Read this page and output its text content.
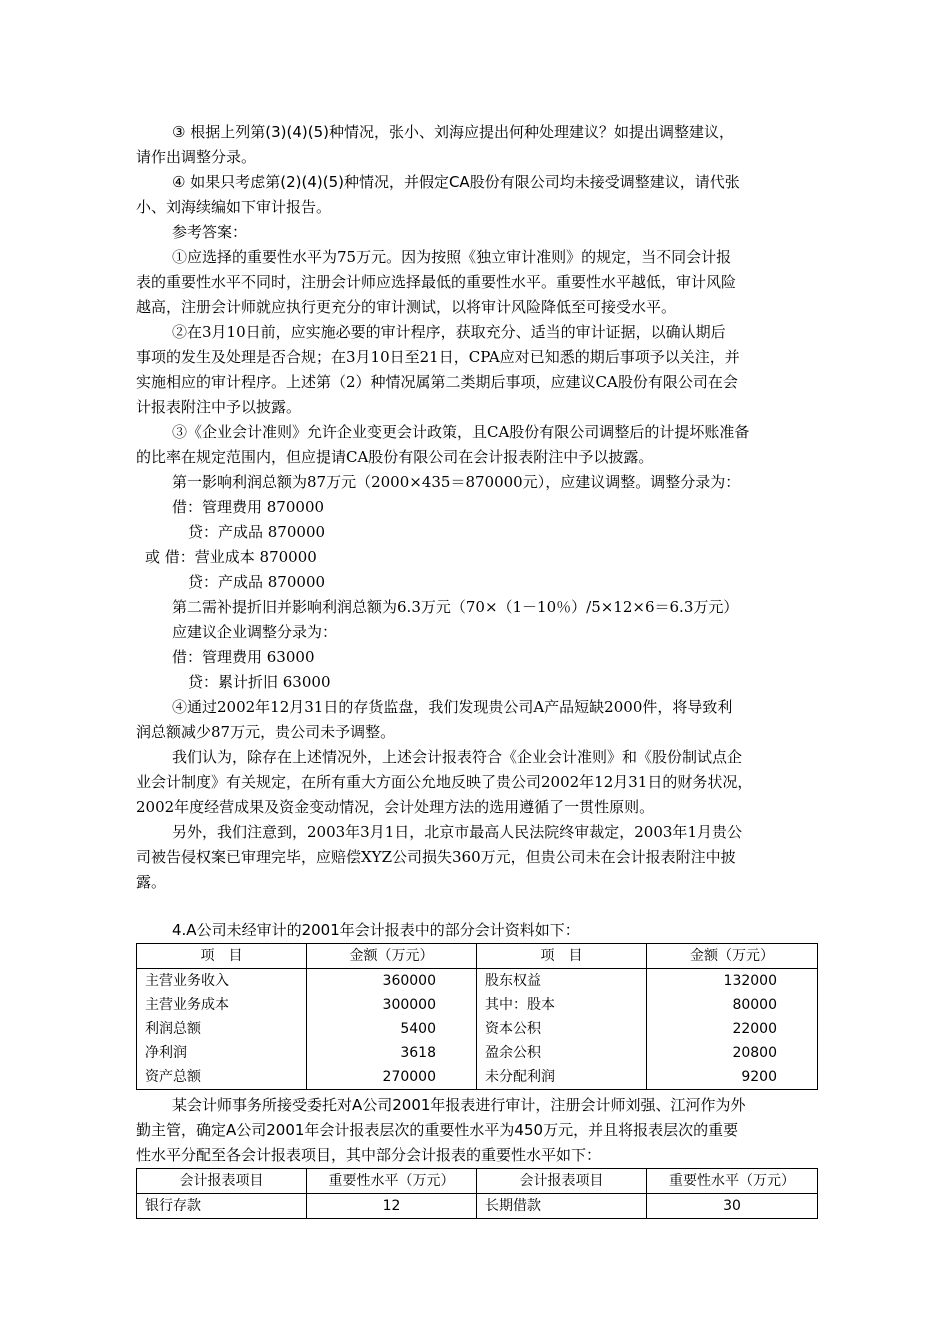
③ 根据上列第(3)(4)(5)种情况，张小、刘海应提出何种处理建议？如提出调整建议，

请作出调整分录。

④ 如果只考虑第(2)(4)(5)种情况，并假定CA股份有限公司均未接受调整建议，请代张

小、刘海续编如下审计报告。

参考答案：

①应选择的重要性水平为75万元。因为按照《独立审计准则》的规定，当不同会计报

表的重要性水平不同时，注册会计师应选择最低的重要性水平。重要性水平越低，审计风险

越高，注册会计师就应执行更充分的审计测试，以将审计风险降低至可接受水平。

②在3月10日前，应实施必要的审计程序，获取充分、适当的审计证据，以确认期后

事项的发生及处理是否合规；在3月10日至21日，CPA应对已知悉的期后事项予以关注，并

实施相应的审计程序。上述第（2）种情况属第二类期后事项，应建议CA股份有限公司在会

计报表附注中予以披露。

③《企业会计准则》允许企业变更会计政策，且CA股份有限公司调整后的计提坏账准备

的比率在规定范围内，但应提请CA股份有限公司在会计报表附注中予以披露。

第一影响利润总额为87万元（2000×435＝870000元），应建议调整。调整分录为：

借：管理费用 870000

贷：产成品 870000

或 借：营业成本 870000

贷：产成品 870000

第二需补提折旧并影响利润总额为6.3万元（70×（1－10％）/5×12×6＝6.3万元）

应建议企业调整分录为：

借：管理费用 63000

贷：累计折旧 63000

④通过2002年12月31日的存货监盘，我们发现贵公司A产品短缺2000件，将导致利

润总额减少87万元，贵公司未予调整。

我们认为，除存在上述情况外，上述会计报表符合《企业会计准则》和《股份制试点企

业会计制度》有关规定，在所有重大方面公允地反映了贵公司2002年12月31日的财务状况，

2002年度经营成果及资金变动情况，会计处理方法的选用遵循了一贯性原则。

另外，我们注意到，2003年3月1日，北京市最高人民法院终审裁定，2003年1月贵公

司被告侵权案已审理完毕，应赔偿XYZ公司损失360万元，但贵公司未在会计报表附注中披

露。

4.A公司未经审计的2001年会计报表中的部分会计资料如下：

项　目	金额（万元）	项　目	金额（万元）
主营业务收入	360000	股东权益	132000
主营业务成本	300000	其中：股本	80000
利润总额	5400	资本公积	22000
净利润	3618	盈余公积	20800
资产总额	270000	未分配利润	9200

某会计师事务所接受委托对A公司2001年报表进行审计，注册会计师刘强、江河作为外

勤主管，确定A公司2001年会计报表层次的重要性水平为450万元，并且将报表层次的重要

性水平分配至各会计报表项目，其中部分会计报表的重要性水平如下：

会计报表项目	重要性水平（万元）	会计报表项目	重要性水平（万元）
银行存款	12	长期借款	30
